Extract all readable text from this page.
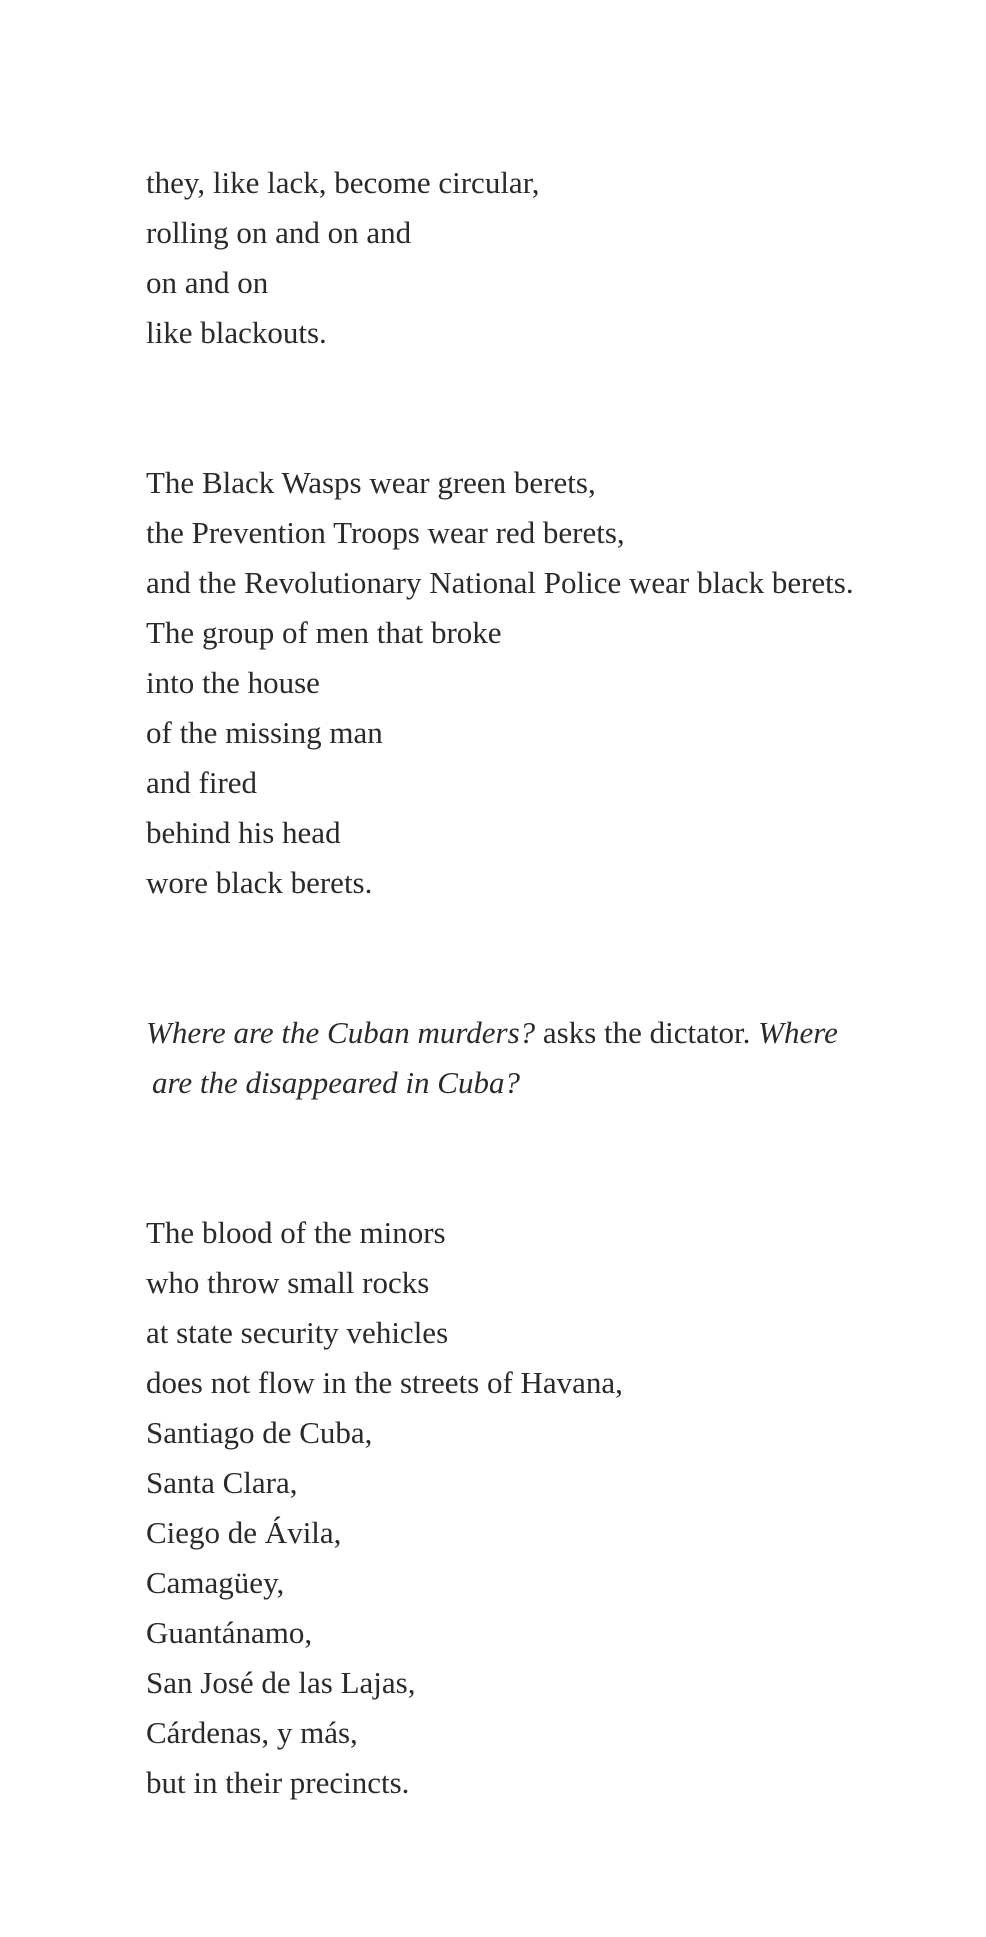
they, like lack, become circular,
rolling on and on and
on and on
like blackouts.
The Black Wasps wear green berets,
the Prevention Troops wear red berets,
and the Revolutionary National Police wear black berets.
The group of men that broke
into the house
of the missing man
and fired
behind his head
wore black berets.
Where are the Cuban murders? asks the dictator. Where
are the disappeared in Cuba?
The blood of the minors
who throw small rocks
at state security vehicles
does not flow in the streets of Havana,
Santiago de Cuba,
Santa Clara,
Ciego de Ávila,
Camagüey,
Guantánamo,
San José de las Lajas,
Cárdenas, y más,
but in their precincts.
